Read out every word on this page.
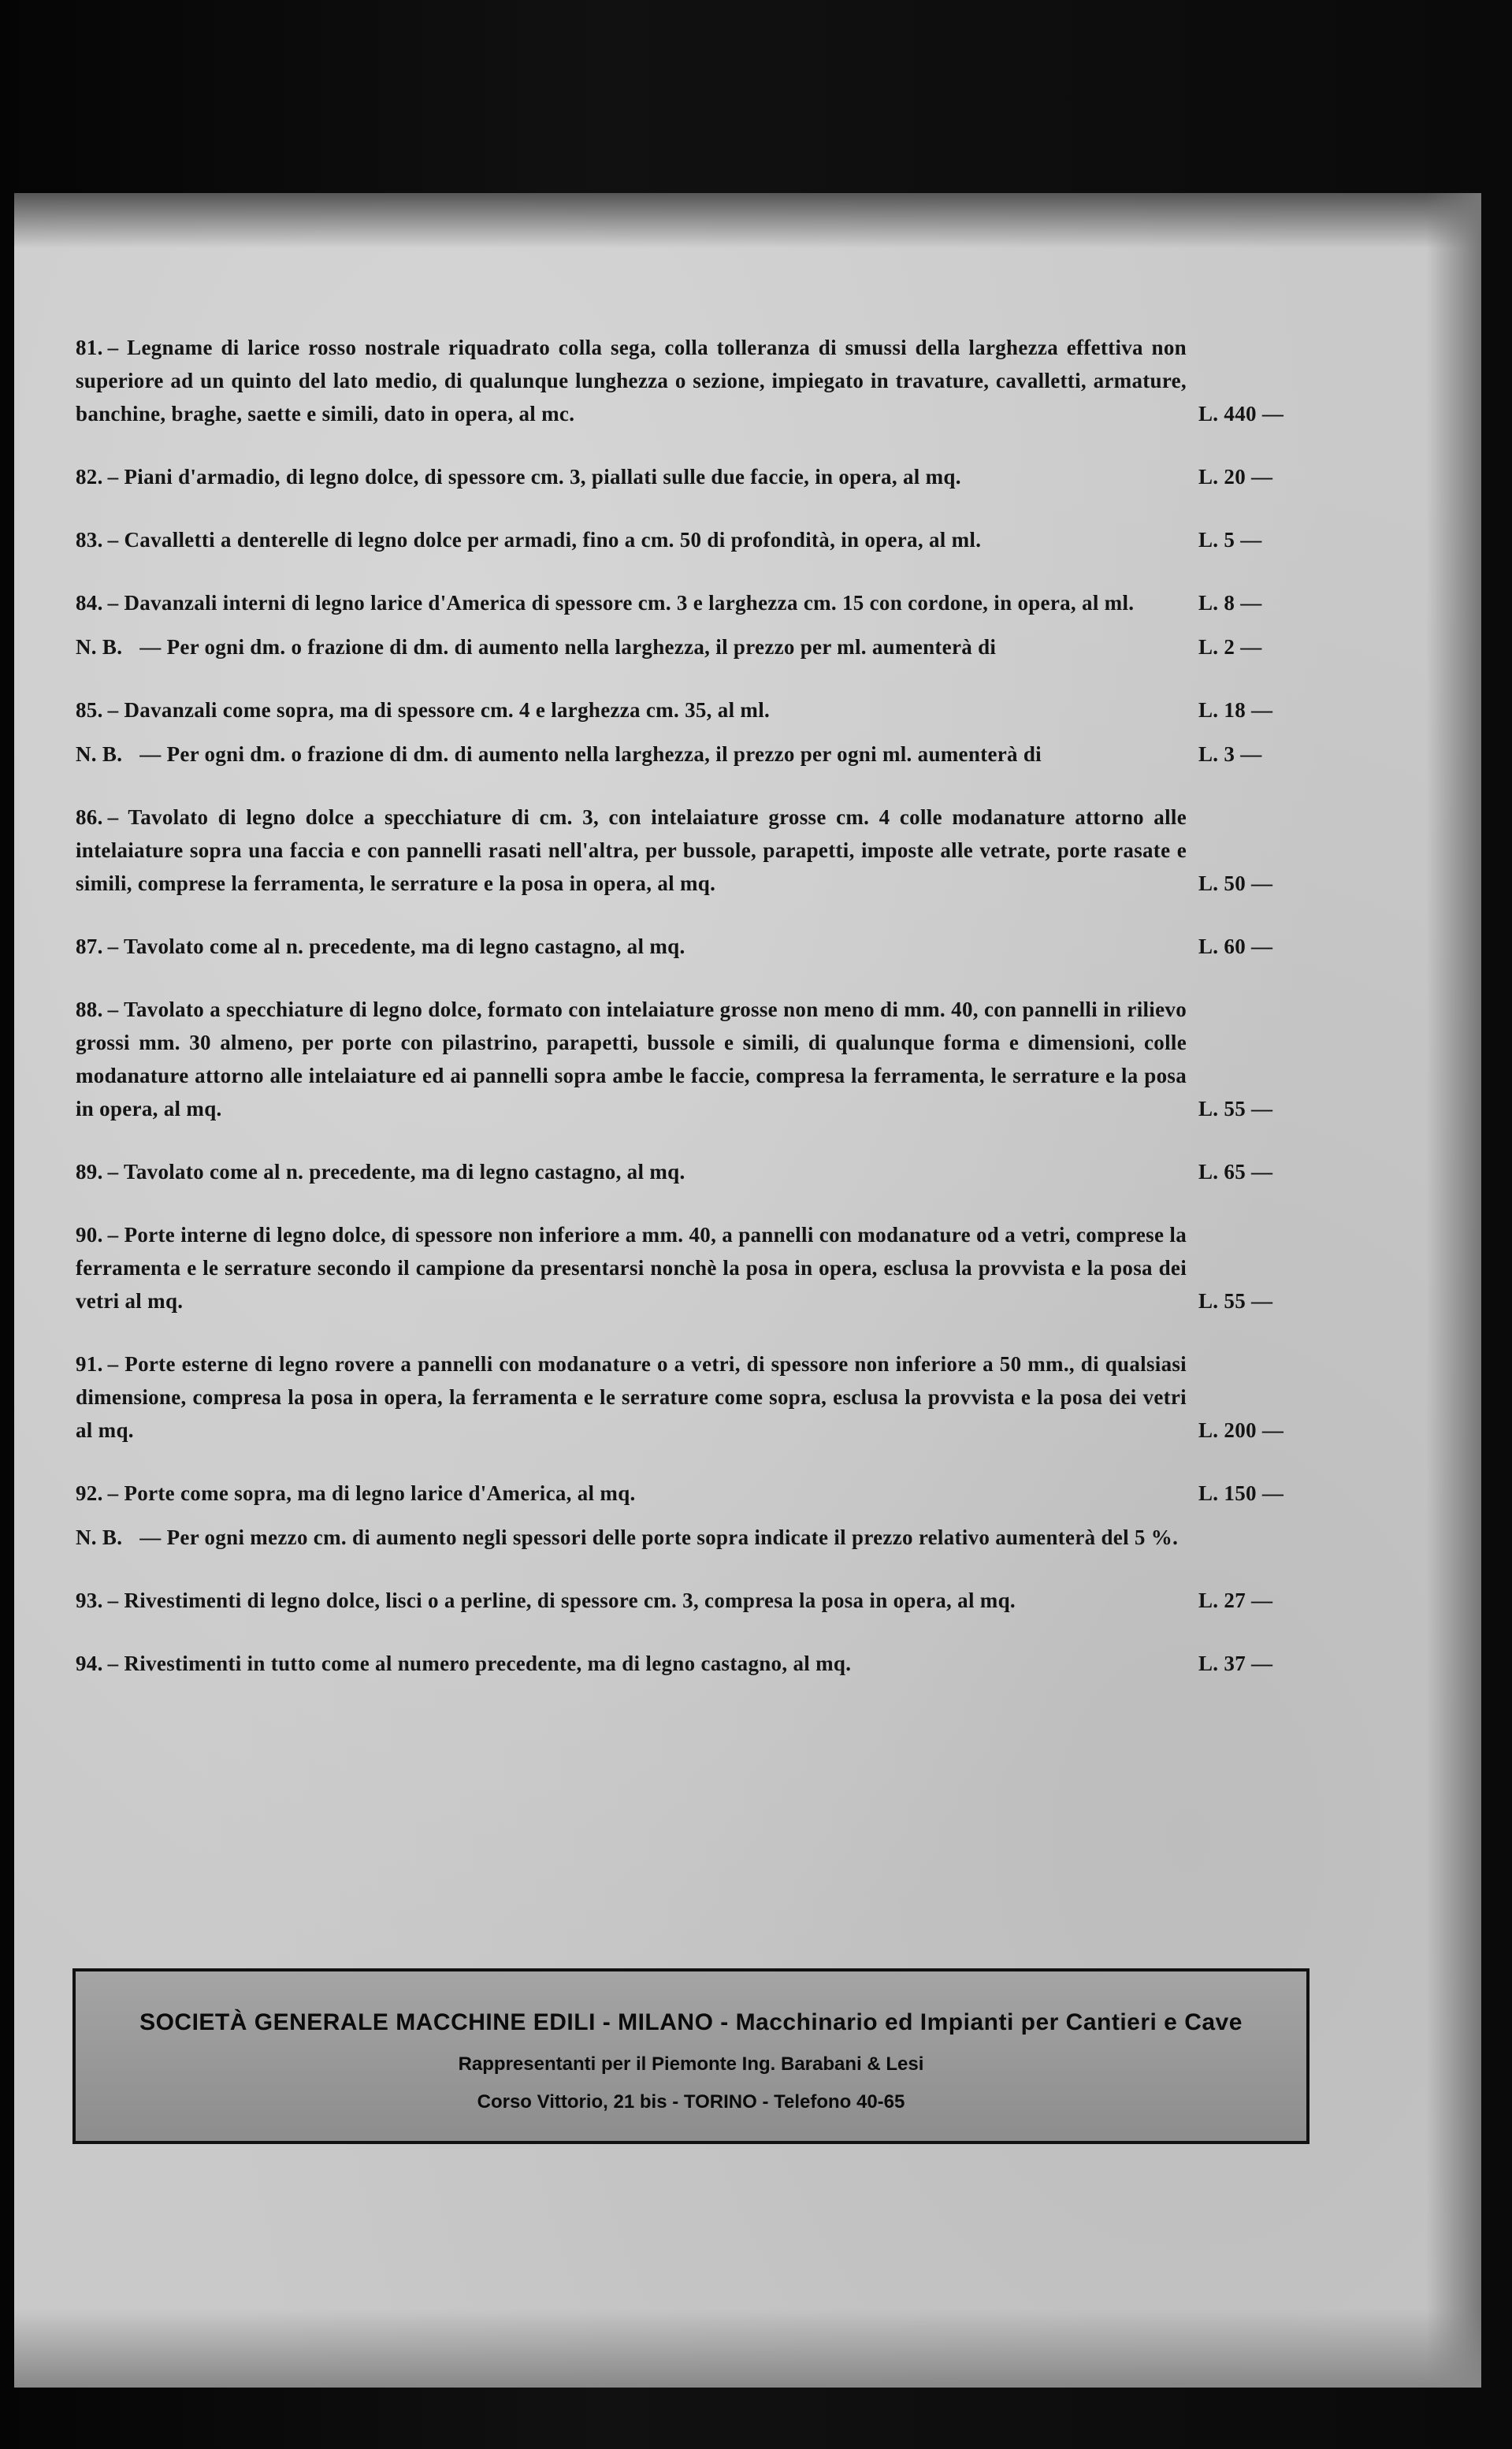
81. – Legname di larice rosso nostrale riquadrato colla sega, colla tolleranza di smussi della larghezza effettiva non superiore ad un quinto del lato medio, di qualunque lunghezza o sezione, impiegato in travature, cavalletti, armature, banchine, braghe, saette e simili, dato in opera, al mc.	L. 440 —
82. – Piani d'armadio, di legno dolce, di spessore cm. 3, piallati sulle due faccie, in opera, al mq.	L. 20 —
83. – Cavalletti a denterelle di legno dolce per armadi, fino a cm. 50 di profondità, in opera, al ml.	L. 5 —
84. – Davanzali interni di legno larice d'America di spessore cm. 3 e larghezza cm. 15 con cordone, in opera, al ml.	L. 8 —
N. B. — Per ogni dm. o frazione di dm. di aumento nella larghezza, il prezzo per ml. aumenterà di	L. 2 —
85. – Davanzali come sopra, ma di spessore cm. 4 e larghezza cm. 35, al ml.	L. 18 —
N. B. — Per ogni dm. o frazione di dm. di aumento nella larghezza, il prezzo per ogni ml. aumenterà di	L. 3 —
86. – Tavolato di legno dolce a specchiature di cm. 3, con intelaiature grosse cm. 4 colle modanature attorno alle intelaiature sopra una faccia e con pannelli rasati nell'altra, per bussole, parapetti, imposte alle vetrate, porte rasate e simili, comprese la ferramenta, le serrature e la posa in opera, al mq.	L. 50 —
87. – Tavolato come al n. precedente, ma di legno castagno, al mq.	L. 60 —
88. – Tavolato a specchiature di legno dolce, formato con intelaiature grosse non meno di mm. 40, con pannelli in rilievo grossi mm. 30 almeno, per porte con pilastrino, parapetti, bussole e simili, di qualunque forma e dimensioni, colle modanature attorno alle intelaiature ed ai pannelli sopra ambe le faccie, compresa la ferramenta, le serrature e la posa in opera, al mq.	L. 55 —
89. – Tavolato come al n. precedente, ma di legno castagno, al mq.	L. 65 —
90. – Porte interne di legno dolce, di spessore non inferiore a mm. 40, a pannelli con modanature od a vetri, comprese la ferramenta e le serrature secondo il campione da presentarsi nonchè la posa in opera, esclusa la provvista e la posa dei vetri al mq.	L. 55 —
91. – Porte esterne di legno rovere a pannelli con modanature o a vetri, di spessore non inferiore a 50 mm., di qualsiasi dimensione, compresa la posa in opera, la ferramenta e le serrature come sopra, esclusa la provvista e la posa dei vetri al mq.	L. 200 —
92. – Porte come sopra, ma di legno larice d'America, al mq.	L. 150 —
N. B. — Per ogni mezzo cm. di aumento negli spessori delle porte sopra indicate il prezzo relativo aumenterà del 5 %.
93. – Rivestimenti di legno dolce, lisci o a perline, di spessore cm. 3, compresa la posa in opera, al mq.	L. 27 —
94. – Rivestimenti in tutto come al numero precedente, ma di legno castagno, al mq.	L. 37 —
SOCIETÀ GENERALE MACCHINE EDILI - MILANO - Macchinario ed Impianti per Cantieri e Cave
Rappresentanti per il Piemonte Ing. Barabani & Lesi
Corso Vittorio, 21 bis - TORINO - Telefono 40-65
